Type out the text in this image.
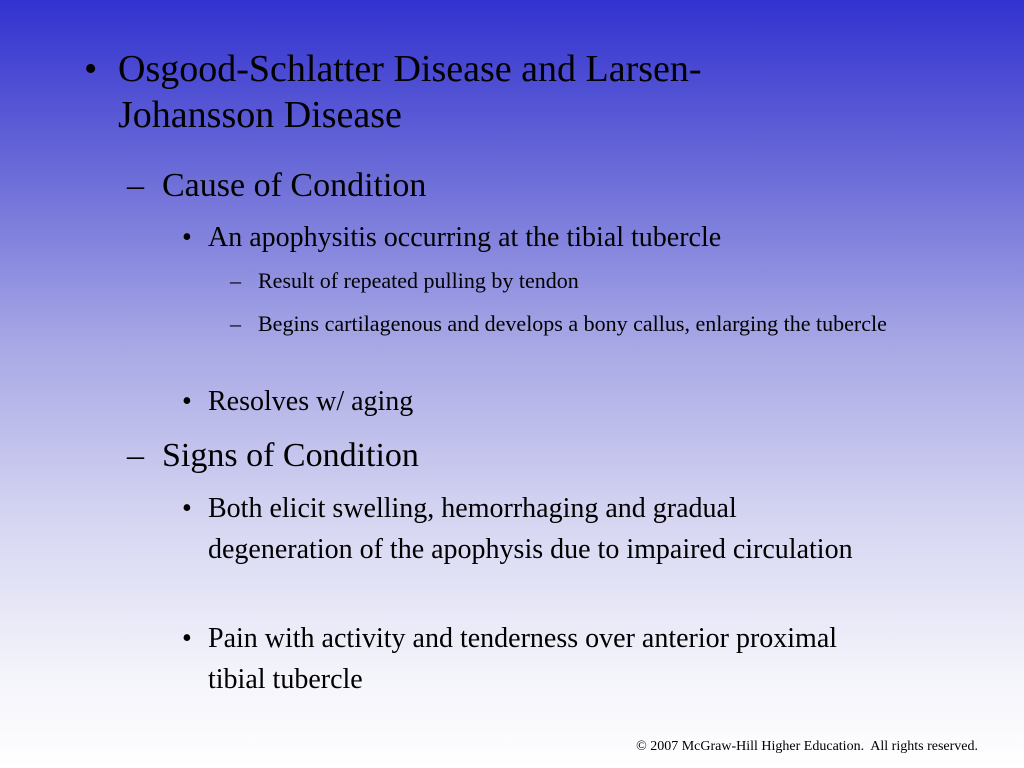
• Osgood-Schlatter Disease and Larsen-Johansson Disease
– Cause of Condition
• An apophysitis occurring at the tibial tubercle
– Result of repeated pulling by tendon
– Begins cartilagenous and develops a bony callus, enlarging the tubercle
• Resolves w/ aging
– Signs of Condition
• Both elicit swelling, hemorrhaging and gradual degeneration of the apophysis due to impaired circulation
• Pain with activity and tenderness over anterior proximal tibial tubercle
© 2007 McGraw-Hill Higher Education.  All rights reserved.
